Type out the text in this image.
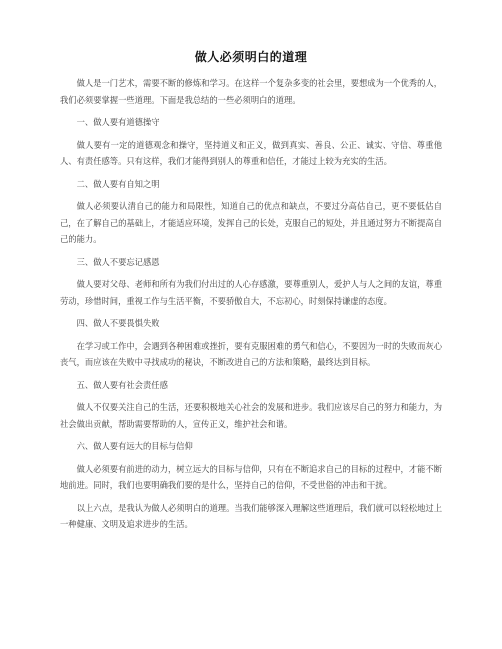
做人必须明白的道理

做人是一门艺术，需要不断的修炼和学习。在这样一个复杂多变的社会里，要想成为一个优秀的人，我们必须要掌握一些道理。下面是我总结的一些必须明白的道理。

一、做人要有道德操守

做人要有一定的道德观念和操守，坚持道义和正义，做到真实、善良、公正、诚实、守信、尊重他人、有责任感等。只有这样，我们才能得到别人的尊重和信任，才能过上较为充实的生活。

二、做人要有自知之明

做人必须要认清自己的能力和局限性，知道自己的优点和缺点，不要过分高估自己，更不要低估自己，在了解自己的基础上，才能适应环境，发挥自己的长处，克服自己的短处，并且通过努力不断提高自己的能力。

三、做人不要忘记感恩

做人要对父母、老师和所有为我们付出过的人心存感激，要尊重别人，爱护人与人之间的友谊，尊重劳动，珍惜时间，重视工作与生活平衡，不要骄傲自大，不忘初心，时刻保持谦虚的态度。

四、做人不要畏惧失败

在学习或工作中，会遇到各种困难或挫折，要有克服困难的勇气和信心，不要因为一时的失败而灰心丧气，而应该在失败中寻找成功的秘诀，不断改进自己的方法和策略，最终达到目标。

五、做人要有社会责任感

做人不仅要关注自己的生活，还要积极地关心社会的发展和进步。我们应该尽自己的努力和能力，为社会做出贡献，帮助需要帮助的人，宣传正义，维护社会和谐。

六、做人要有远大的目标与信仰

做人必须要有前进的动力，树立远大的目标与信仰，只有在不断追求自己的目标的过程中，才能不断地前进。同时，我们也要明确我们要的是什么，坚持自己的信仰，不受世俗的冲击和干扰。

以上六点，是我认为做人必须明白的道理。当我们能够深入理解这些道理后，我们就可以轻松地过上一种健康、文明及追求进步的生活。
